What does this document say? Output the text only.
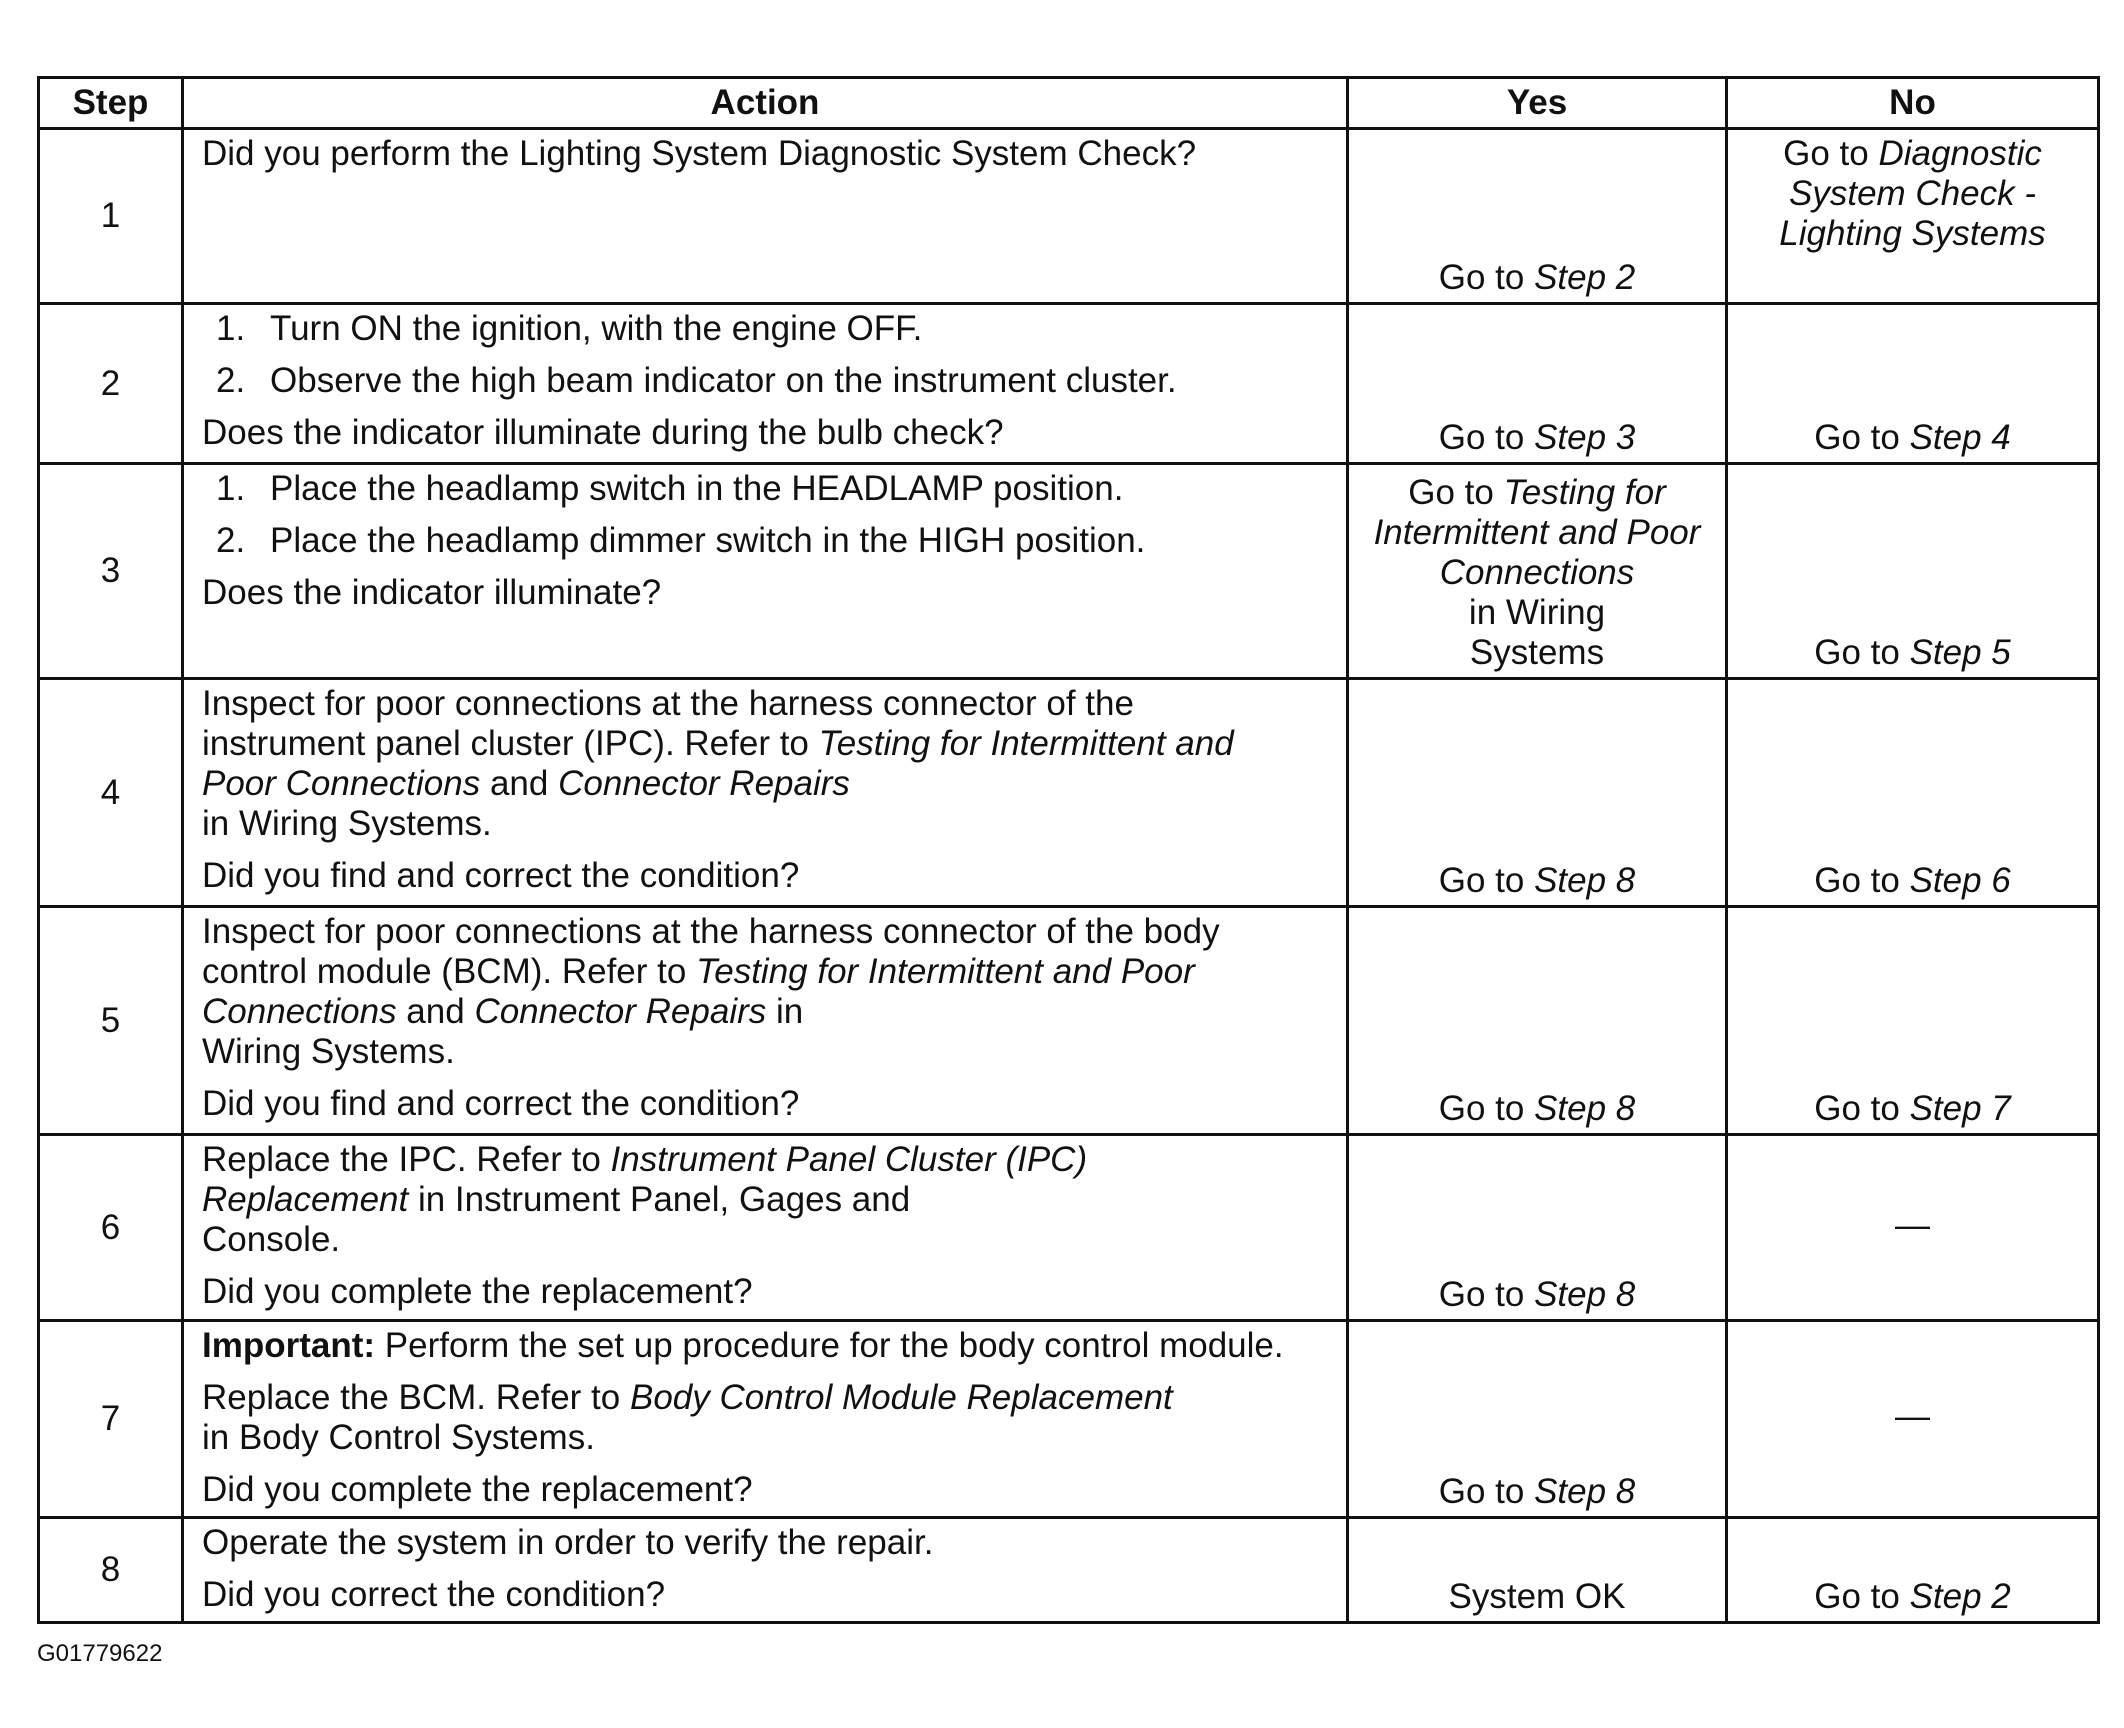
Step	Action	Yes	No
1	Did you perform the Lighting System Diagnostic System Check?	Go to Step 2	Go to Diagnostic
System Check -
Lighting Systems

2	1. Turn ON the ignition, with the engine OFF.
2. Observe the high beam indicator on the instrument cluster.
Does the indicator illuminate during the bulb check?	Go to Step 3	Go to Step 4
3	1. Place the headlamp switch in the HEADLAMP position.
2. Place the headlamp dimmer switch in the HIGH position.
Does the indicator illuminate?	Go to Testing for
Intermittent and Poor
Connections
in Wiring
Systems	Go to Step 5
4	Inspect for poor connections at the harness connector of the
instrument panel cluster (IPC). Refer to Testing for Intermittent and
Poor Connections and Connector Repairs
in Wiring Systems.
Did you find and correct the condition?	Go to Step 8	Go to Step 6
5	Inspect for poor connections at the harness connector of the body
control module (BCM). Refer to Testing for Intermittent and Poor
Connections and Connector Repairs in
Wiring Systems.
Did you find and correct the condition?	Go to Step 8	Go to Step 7
6	Replace the IPC. Refer to Instrument Panel Cluster (IPC)
Replacement in Instrument Panel, Gages and
Console.
Did you complete the replacement?	Go to Step 8	—
7	Important: Perform the set up procedure for the body control module.
Replace the BCM. Refer to Body Control Module Replacement
in Body Control Systems.
Did you complete the replacement?	Go to Step 8	—
8	Operate the system in order to verify the repair.
Did you correct the condition?	System OK	Go to Step 2
G01779622
